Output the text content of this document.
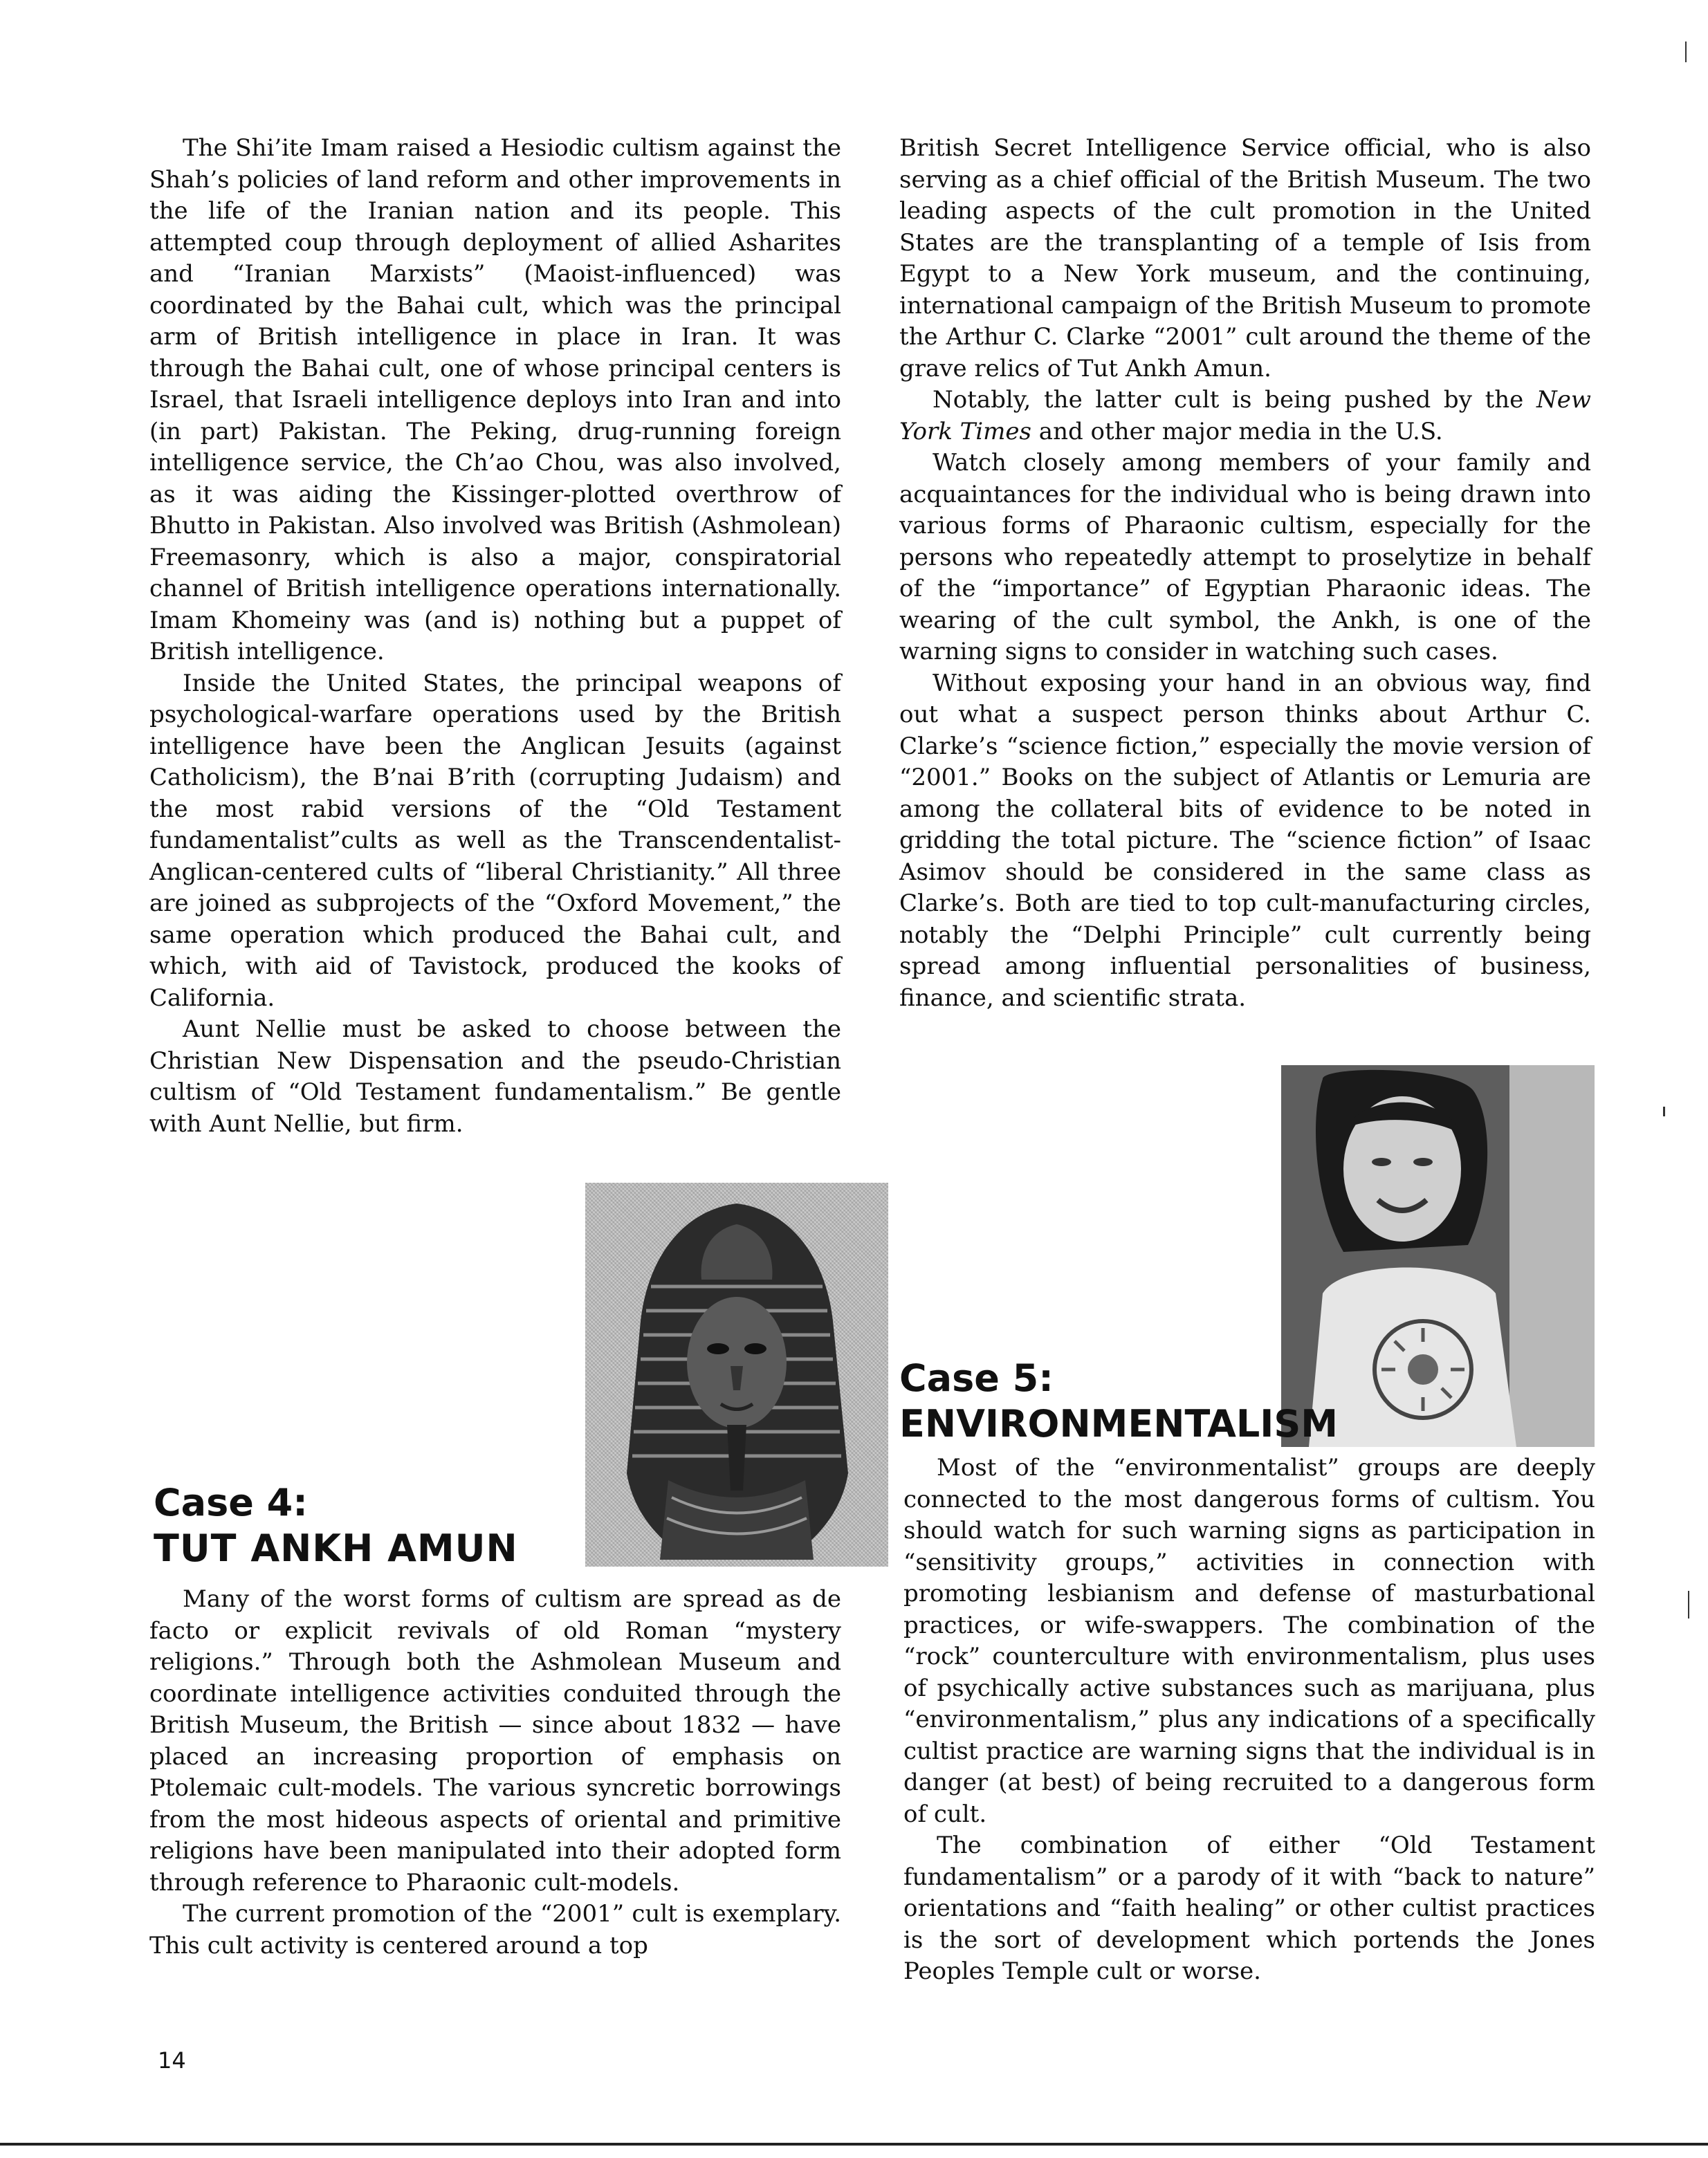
The Shi’ite Imam raised a Hesiodic cultism against the Shah’s policies of land reform and other improvements in the life of the Iranian nation and its people. This attempted coup through deployment of allied Asharites and “Iranian Marxists” (Maoist-influenced) was coordinated by the Bahai cult, which was the principal arm of British intelligence in place in Iran. It was through the Bahai cult, one of whose principal centers is Israel, that Israeli intelligence deploys into Iran and into (in part) Pakistan. The Peking, drug-running foreign intelligence service, the Ch’ao Chou, was also involved, as it was aiding the Kissinger-plotted overthrow of Bhutto in Pakistan. Also involved was British (Ashmolean) Freemasonry, which is also a major, conspiratorial channel of British intelligence operations internationally. Imam Khomeiny was (and is) nothing but a puppet of British intelligence.

Inside the United States, the principal weapons of psychological-warfare operations used by the British intelligence have been the Anglican Jesuits (against Catholicism), the B’nai B’rith (corrupting Judaism) and the most rabid versions of the “Old Testament fundamentalist”cults as well as the Transcendentalist-Anglican-centered cults of “liberal Christianity.” All three are joined as subprojects of the “Oxford Movement,” the same operation which produced the Bahai cult, and which, with aid of Tavistock, produced the kooks of California.

Aunt Nellie must be asked to choose between the Christian New Dispensation and the pseudo-Christian cultism of “Old Testament fundamentalism.” Be gentle with Aunt Nellie, but firm.

Case 4:
TUT ANKH AMUN

Many of the worst forms of cultism are spread as de facto or explicit revivals of old Roman “mystery religions.” Through both the Ashmolean Museum and coordinate intelligence activities conduited through the British Museum, the British — since about 1832 — have placed an increasing proportion of emphasis on Ptolemaic cult-models. The various syncretic borrowings from the most hideous aspects of oriental and primitive religions have been manipulated into their adopted form through reference to Pharaonic cult-models.

The current promotion of the “2001” cult is exemplary. This cult activity is centered around a top

British Secret Intelligence Service official, who is also serving as a chief official of the British Museum. The two leading aspects of the cult promotion in the United States are the transplanting of a temple of Isis from Egypt to a New York museum, and the continuing, international campaign of the British Museum to promote the Arthur C. Clarke “2001” cult around the theme of the grave relics of Tut Ankh Amun.

Notably, the latter cult is being pushed by the New York Times and other major media in the U.S.

Watch closely among members of your family and acquaintances for the individual who is being drawn into various forms of Pharaonic cultism, especially for the persons who repeatedly attempt to proselytize in behalf of the “importance” of Egyptian Pharaonic ideas. The wearing of the cult symbol, the Ankh, is one of the warning signs to consider in watching such cases.

Without exposing your hand in an obvious way, find out what a suspect person thinks about Arthur C. Clarke’s “science fiction,” especially the movie version of “2001.” Books on the subject of Atlantis or Lemuria are among the collateral bits of evidence to be noted in gridding the total picture. The “science fiction” of Isaac Asimov should be considered in the same class as Clarke’s. Both are tied to top cult-manufacturing circles, notably the “Delphi Principle” cult currently being spread among influential personalities of business, finance, and scientific strata.

Case 5:
ENVIRONMENTALISM

Most of the “environmentalist” groups are deeply connected to the most dangerous forms of cultism. You should watch for such warning signs as participation in “sensitivity groups,” activities in connection with promoting lesbianism and defense of masturbational practices, or wife-swappers. The combination of the “rock” counterculture with environmentalism, plus uses of psychically active substances such as marijuana, plus “environmentalism,” plus any indications of a specifically cultist practice are warning signs that the individual is in danger (at best) of being recruited to a dangerous form of cult.

The combination of either “Old Testament fundamentalism” or a parody of it with “back to nature” orientations and “faith healing” or other cultist practices is the sort of development which portends the Jones Peoples Temple cult or worse.

14
